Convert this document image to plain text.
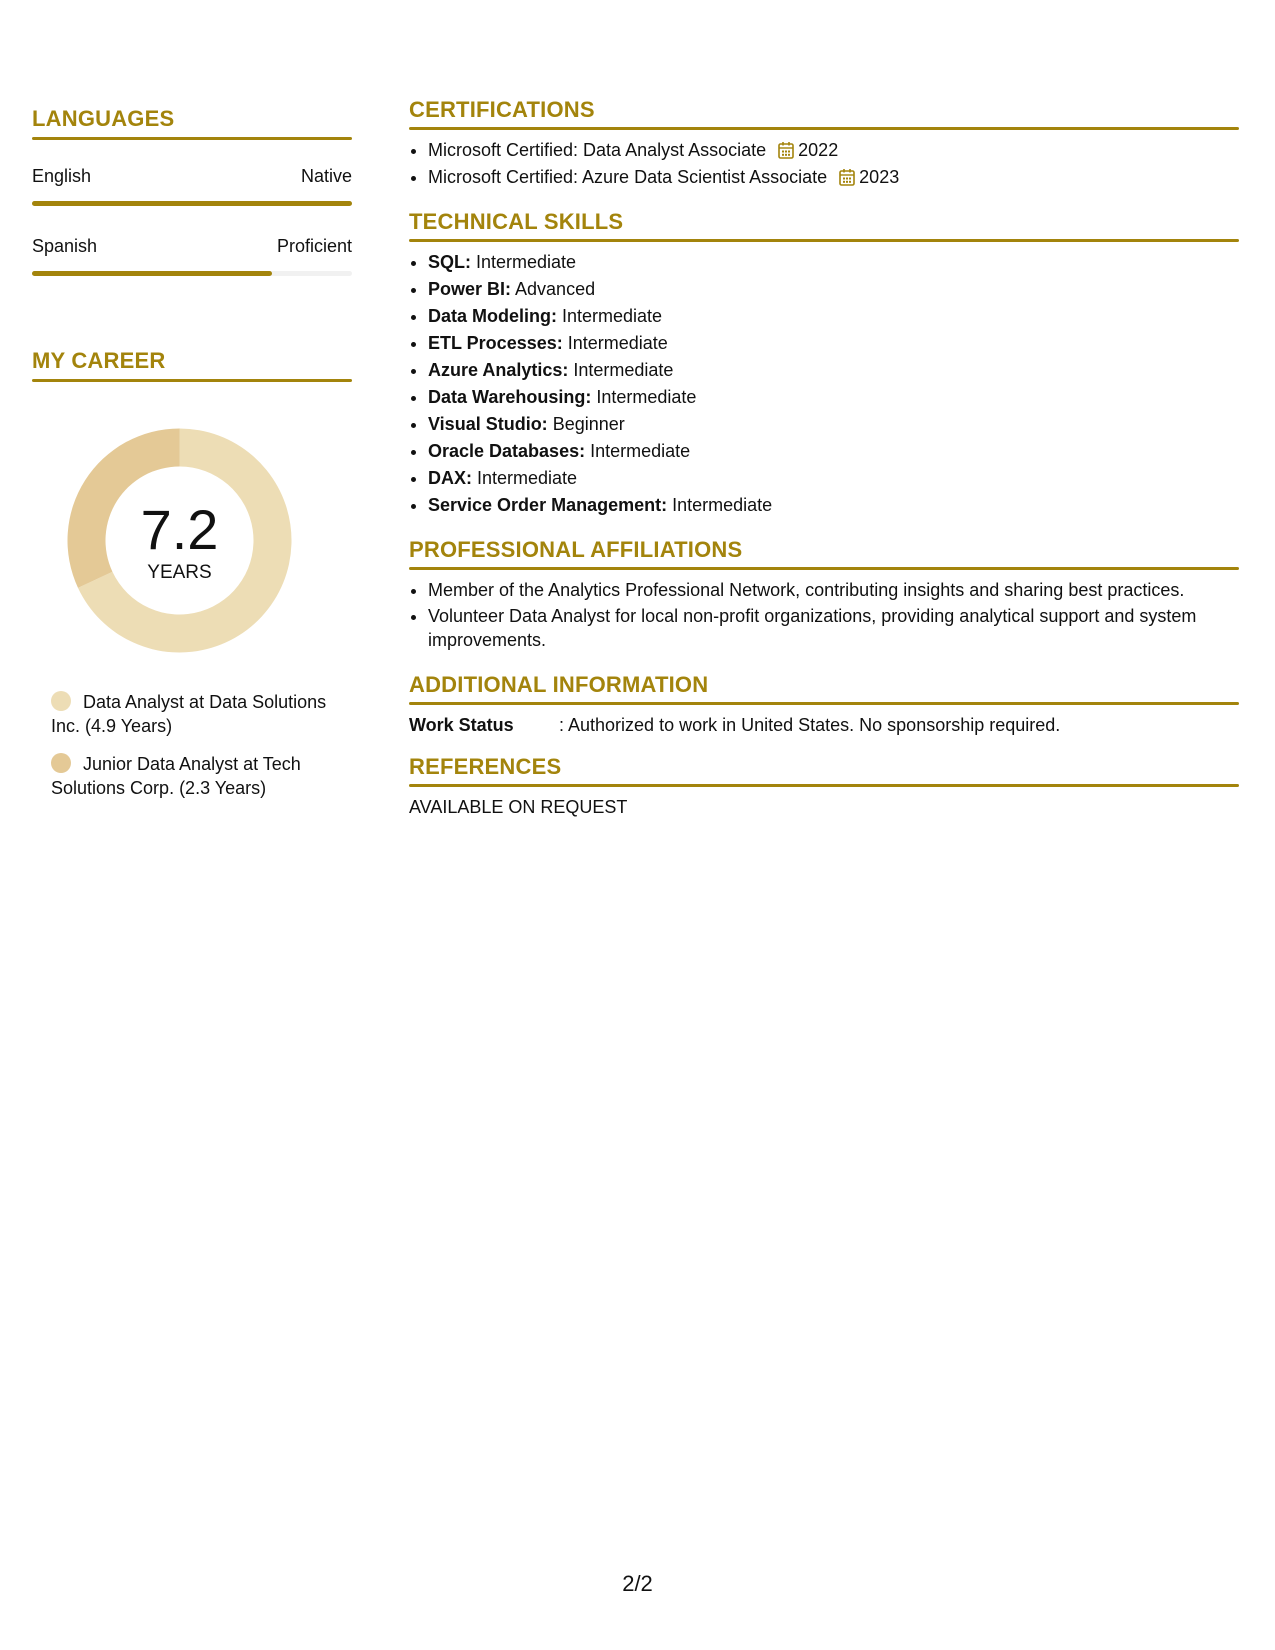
LANGUAGES
English	Native
Spanish	Proficient
MY CAREER
7.2
YEARS
Data Analyst at Data Solutions Inc. (4.9 Years)
Junior Data Analyst at Tech Solutions Corp. (2.3 Years)
CERTIFICATIONS
• Microsoft Certified: Data Analyst Associate 2022
• Microsoft Certified: Azure Data Scientist Associate 2023
TECHNICAL SKILLS
• SQL: Intermediate
• Power BI: Advanced
• Data Modeling: Intermediate
• ETL Processes: Intermediate
• Azure Analytics: Intermediate
• Data Warehousing: Intermediate
• Visual Studio: Beginner
• Oracle Databases: Intermediate
• DAX: Intermediate
• Service Order Management: Intermediate
PROFESSIONAL AFFILIATIONS
• Member of the Analytics Professional Network, contributing insights and sharing best practices.
• Volunteer Data Analyst for local non-profit organizations, providing analytical support and system improvements.
ADDITIONAL INFORMATION
Work Status	: Authorized to work in United States. No sponsorship required.
REFERENCES
AVAILABLE ON REQUEST
2/2
